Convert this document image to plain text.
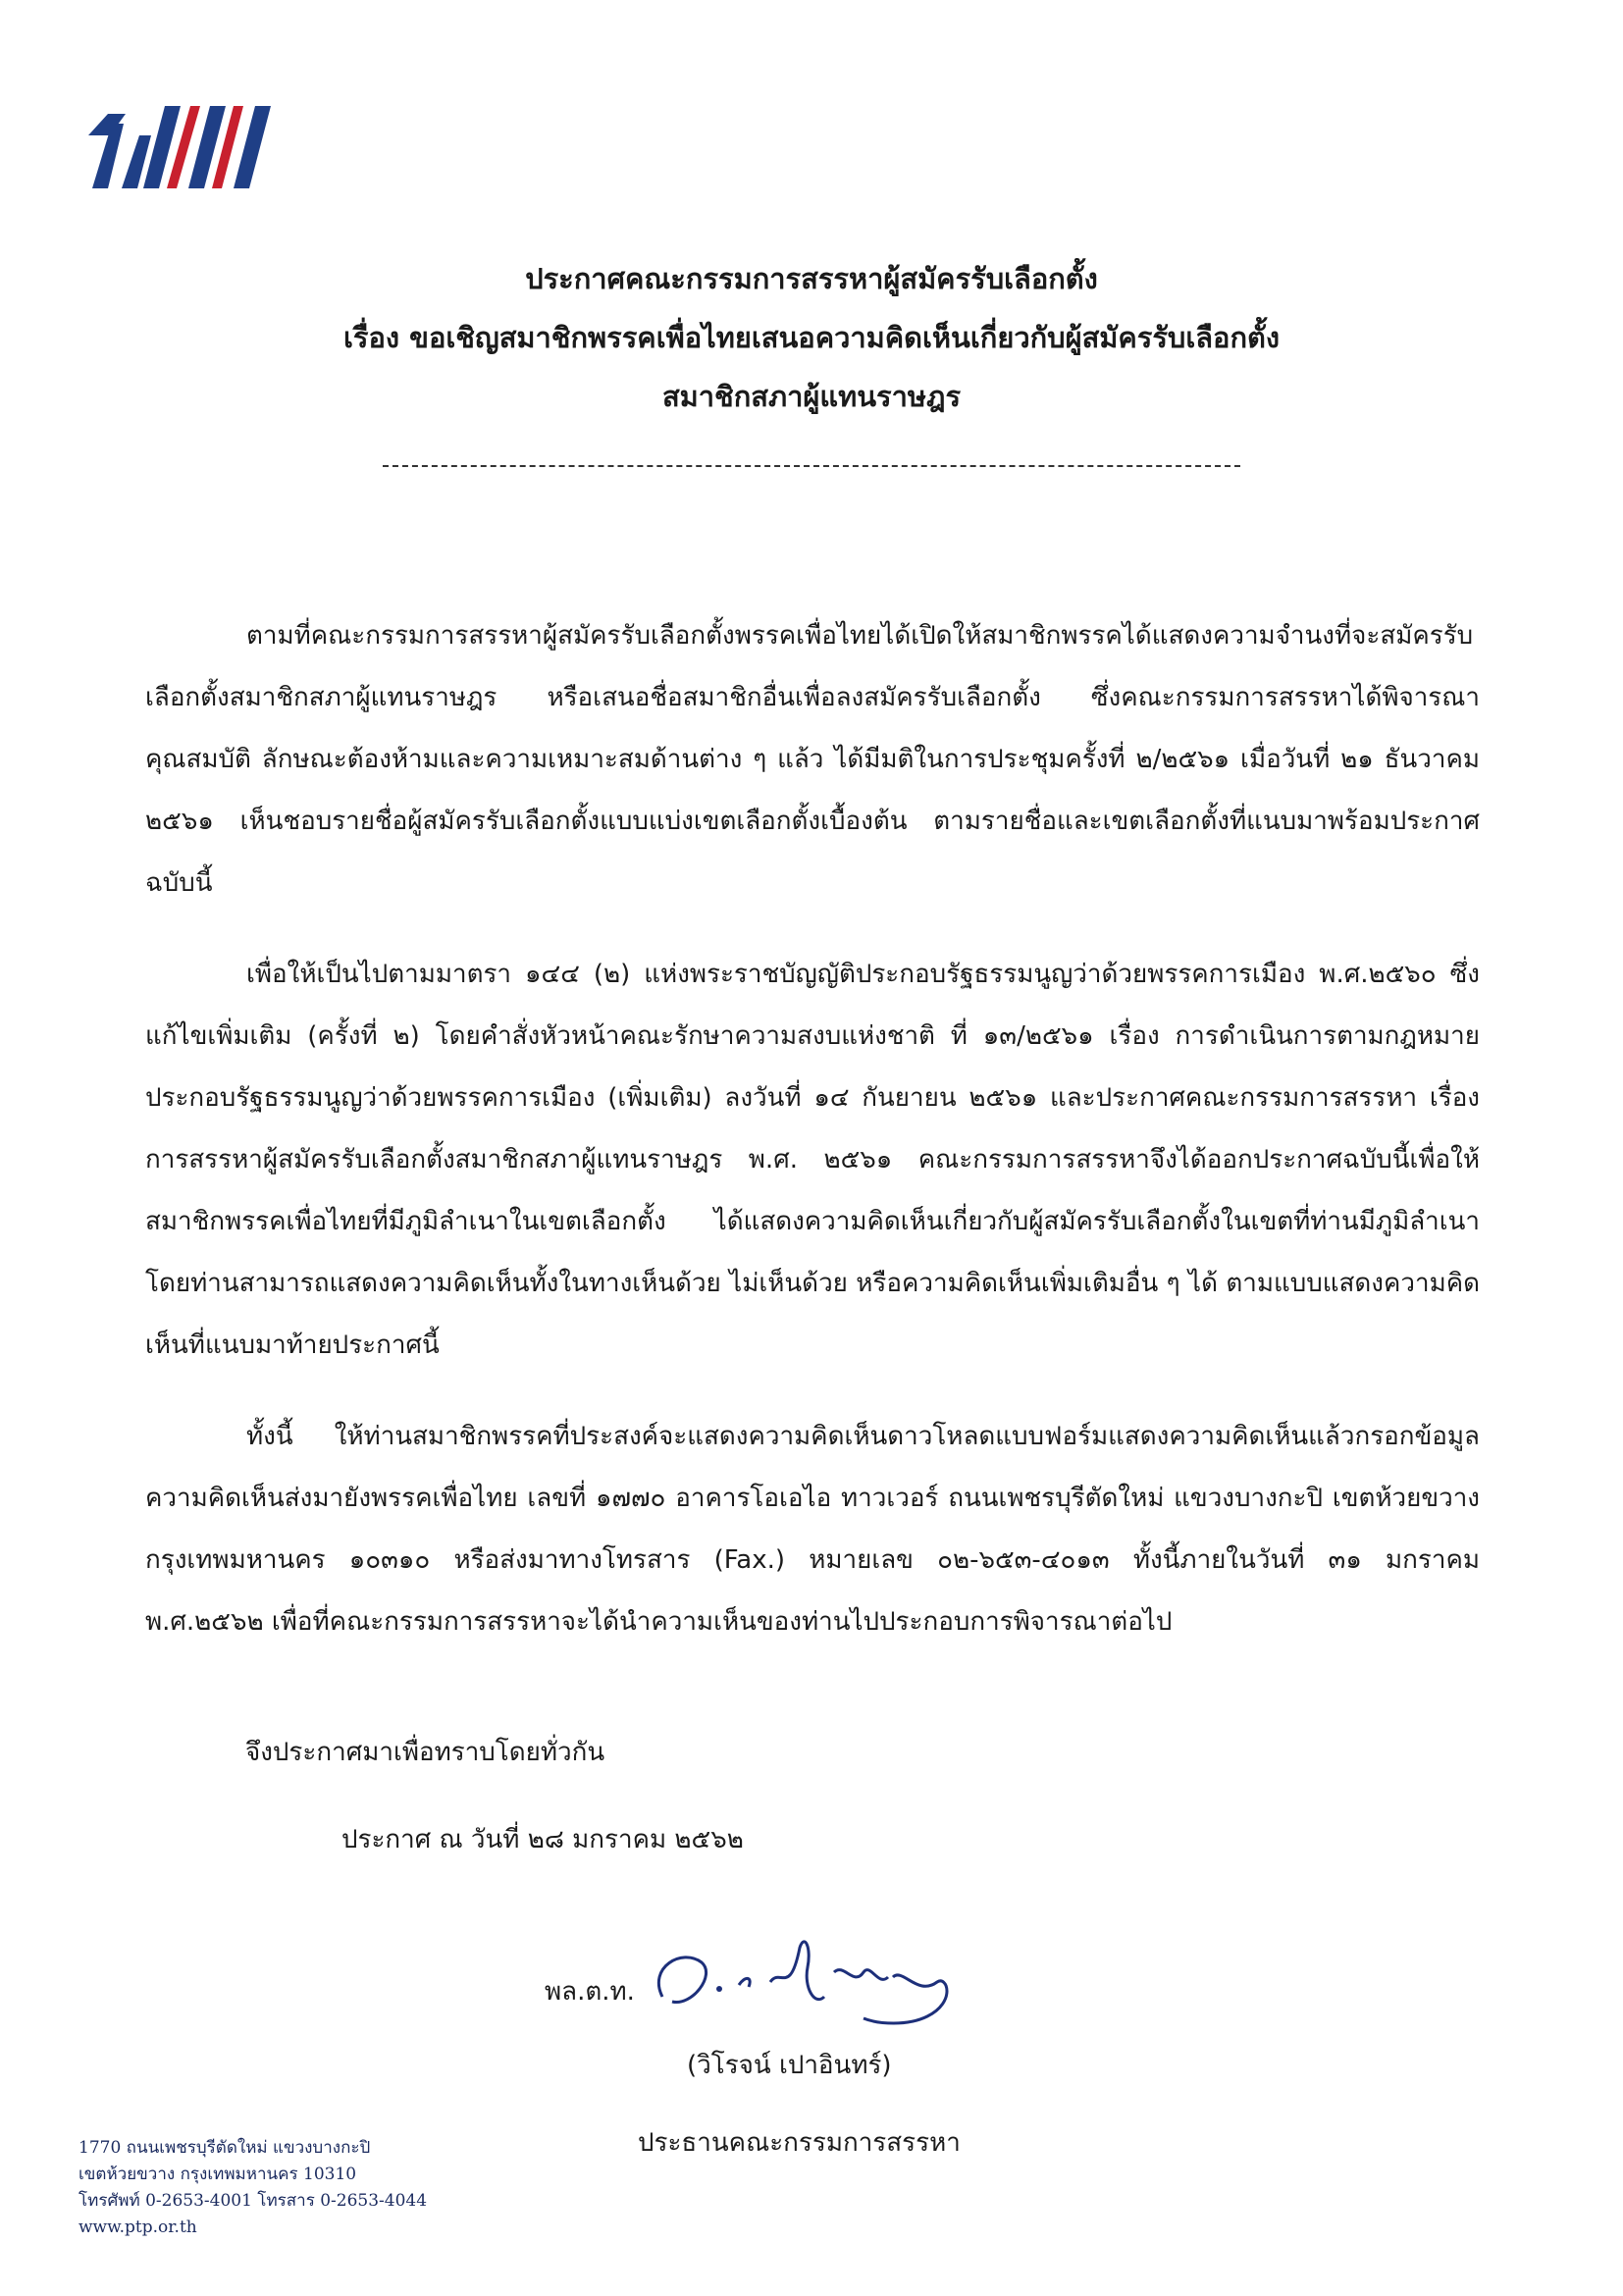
ประกาศคณะกรรมการสรรหาผู้สมัครรับเลือกตั้ง
เรื่อง ขอเชิญสมาชิกพรรคเพื่อไทยเสนอความคิดเห็นเกี่ยวกับผู้สมัครรับเลือกตั้ง
สมาชิกสภาผู้แทนราษฎร

ตามที่คณะกรรมการสรรหาผู้สมัครรับเลือกตั้งพรรคเพื่อไทยได้เปิดให้สมาชิกพรรคได้แสดงความจำนงที่จะสมัครรับเลือกตั้งสมาชิกสภาผู้แทนราษฎร หรือเสนอชื่อสมาชิกอื่นเพื่อลงสมัครรับเลือกตั้ง ซึ่งคณะกรรมการสรรหาได้พิจารณาคุณสมบัติ ลักษณะต้องห้ามและความเหมาะสมด้านต่าง ๆ แล้ว ได้มีมติในการประชุมครั้งที่ ๒/๒๕๖๑ เมื่อวันที่ ๒๑ ธันวาคม ๒๕๖๑ เห็นชอบรายชื่อผู้สมัครรับเลือกตั้งแบบแบ่งเขตเลือกตั้งเบื้องต้น ตามรายชื่อและเขตเลือกตั้งที่แนบมาพร้อมประกาศฉบับนี้

เพื่อให้เป็นไปตามมาตรา ๑๔๔ (๒) แห่งพระราชบัญญัติประกอบรัฐธรรมนูญว่าด้วยพรรคการเมือง พ.ศ.๒๕๖๐ ซึ่งแก้ไขเพิ่มเติม (ครั้งที่ ๒) โดยคำสั่งหัวหน้าคณะรักษาความสงบแห่งชาติ ที่ ๑๓/๒๕๖๑ เรื่อง การดำเนินการตามกฎหมายประกอบรัฐธรรมนูญว่าด้วยพรรคการเมือง (เพิ่มเติม) ลงวันที่ ๑๔ กันยายน ๒๕๖๑ และประกาศคณะกรรมการสรรหา เรื่อง การสรรหาผู้สมัครรับเลือกตั้งสมาชิกสภาผู้แทนราษฎร พ.ศ. ๒๕๖๑ คณะกรรมการสรรหาจึงได้ออกประกาศฉบับนี้เพื่อให้สมาชิกพรรคเพื่อไทยที่มีภูมิลำเนาในเขตเลือกตั้ง ได้แสดงความคิดเห็นเกี่ยวกับผู้สมัครรับเลือกตั้งในเขตที่ท่านมีภูมิลำเนาโดยท่านสามารถแสดงความคิดเห็นทั้งในทางเห็นด้วย ไม่เห็นด้วย หรือความคิดเห็นเพิ่มเติมอื่น ๆ ได้ ตามแบบแสดงความคิดเห็นที่แนบมาท้ายประกาศนี้

ทั้งนี้ ให้ท่านสมาชิกพรรคที่ประสงค์จะแสดงความคิดเห็นดาวโหลดแบบฟอร์มแสดงความคิดเห็นแล้วกรอกข้อมูลความคิดเห็นส่งมายังพรรคเพื่อไทย เลขที่ ๑๗๗๐ อาคารโอเอไอ ทาวเวอร์ ถนนเพชรบุรีตัดใหม่ แขวงบางกะปิ เขตห้วยขวาง กรุงเทพมหานคร ๑๐๓๑๐ หรือส่งมาทางโทรสาร (Fax.) หมายเลข ๐๒-๖๕๓-๔๐๑๓ ทั้งนี้ภายในวันที่ ๓๑ มกราคม พ.ศ.๒๕๖๒ เพื่อที่คณะกรรมการสรรหาจะได้นำความเห็นของท่านไปประกอบการพิจารณาต่อไป

จึงประกาศมาเพื่อทราบโดยทั่วกัน
ประกาศ ณ วันที่ ๒๘ มกราคม ๒๕๖๒
พล.ต.ท.
(วิโรจน์ เปาอินทร์)
ประธานคณะกรรมการสรรหา
1770 ถนนเพชรบุรีตัดใหม่ แขวงบางกะปิ
เขตห้วยขวาง กรุงเทพมหานคร 10310
โทรศัพท์ 0-2653-4001 โทรสาร 0-2653-4044
www.ptp.or.th
